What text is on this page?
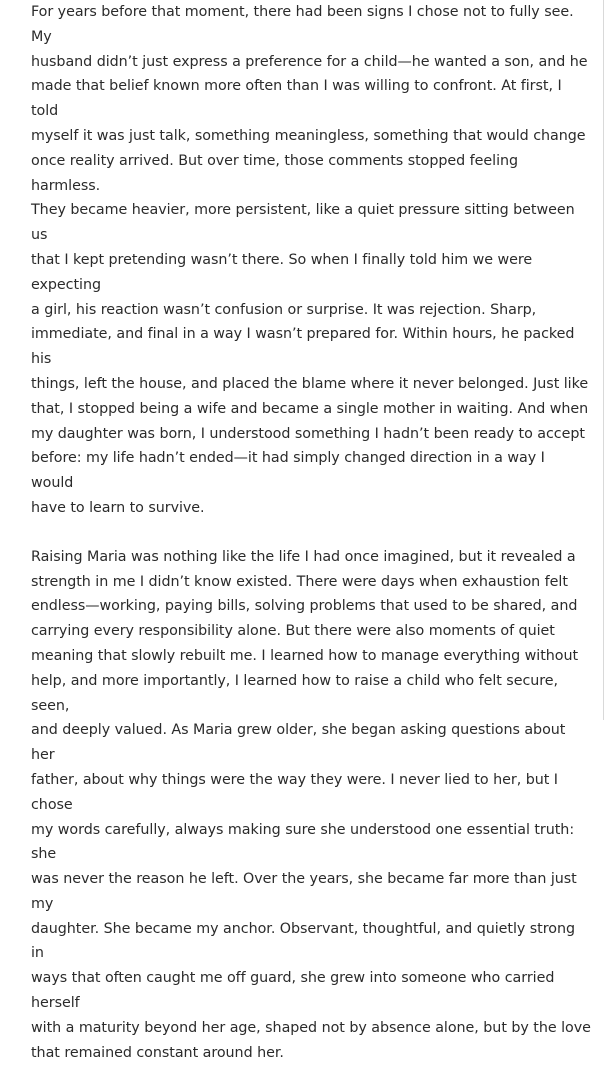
For years before that moment, there had been signs I chose not to fully see. My
husband didn’t just express a preference for a child—he wanted a son, and he
made that belief known more often than I was willing to confront. At first, I told
myself it was just talk, something meaningless, something that would change
once reality arrived. But over time, those comments stopped feeling harmless.
They became heavier, more persistent, like a quiet pressure sitting between us
that I kept pretending wasn’t there. So when I finally told him we were expecting
a girl, his reaction wasn’t confusion or surprise. It was rejection. Sharp,
immediate, and final in a way I wasn’t prepared for. Within hours, he packed his
things, left the house, and placed the blame where it never belonged. Just like
that, I stopped being a wife and became a single mother in waiting. And when
my daughter was born, I understood something I hadn’t been ready to accept
before: my life hadn’t ended—it had simply changed direction in a way I would
have to learn to survive.

Raising Maria was nothing like the life I had once imagined, but it revealed a
strength in me I didn’t know existed. There were days when exhaustion felt
endless—working, paying bills, solving problems that used to be shared, and
carrying every responsibility alone. But there were also moments of quiet
meaning that slowly rebuilt me. I learned how to manage everything without
help, and more importantly, I learned how to raise a child who felt secure, seen,
and deeply valued. As Maria grew older, she began asking questions about her
father, about why things were the way they were. I never lied to her, but I chose
my words carefully, always making sure she understood one essential truth: she
was never the reason he left. Over the years, she became far more than just my
daughter. She became my anchor. Observant, thoughtful, and quietly strong in
ways that often caught me off guard, she grew into someone who carried herself
with a maturity beyond her age, shaped not by absence alone, but by the love
that remained constant around her.
